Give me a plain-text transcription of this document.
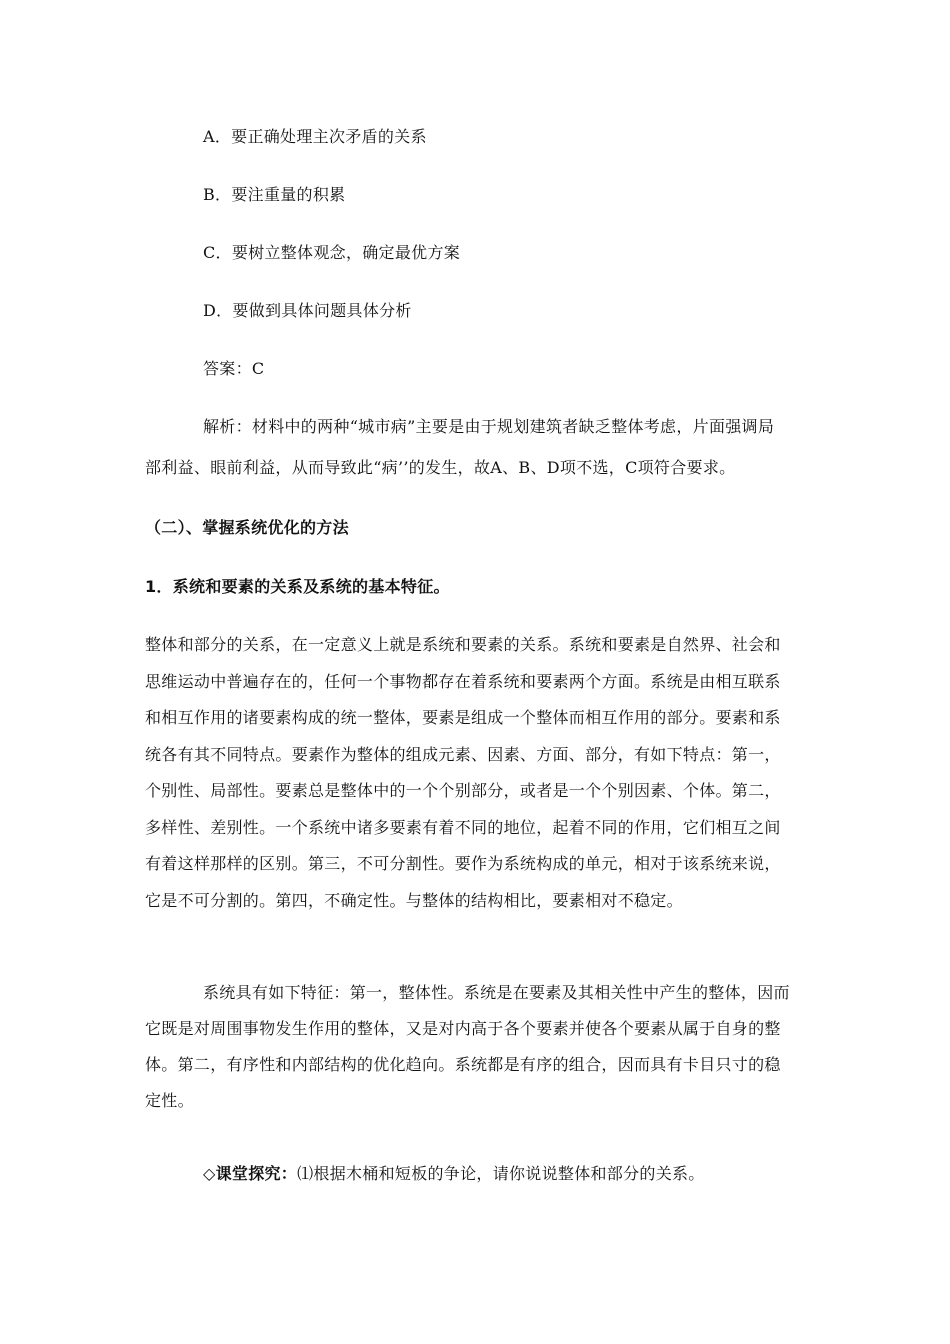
A．要正确处理主次矛盾的关系
B．要注重量的积累
C．要树立整体观念，确定最优方案
D．要做到具体问题具体分析
答案：C
解析：材料中的两种“城市病”主要是由于规划建筑者缺乏整体考虑，片面强调局
部利益、眼前利益，从而导致此“病’’的发生，故A、B、D项不选，C项符合要求。
（二）、掌握系统优化的方法
1．系统和要素的关系及系统的基本特征。
整体和部分的关系，在一定意义上就是系统和要素的关系。系统和要素是自然界、社会和
思维运动中普遍存在的，任何一个事物都存在着系统和要素两个方面。系统是由相互联系
和相互作用的诸要素构成的统一整体，要素是组成一个整体而相互作用的部分。要素和系
统各有其不同特点。要素作为整体的组成元素、因素、方面、部分，有如下特点：第一，
个别性、局部性。要素总是整体中的一个个别部分，或者是一个个别因素、个体。第二，
多样性、差别性。一个系统中诸多要素有着不同的地位，起着不同的作用，它们相互之间
有着这样那样的区别。第三，不可分割性。要作为系统构成的单元，相对于该系统来说，
它是不可分割的。第四，不确定性。与整体的结构相比，要素相对不稳定。
系统具有如下特征：第一，整体性。系统是在要素及其相关性中产生的整体，因而
它既是对周围事物发生作用的整体，又是对内高于各个要素并使各个要素从属于自身的整
体。第二，有序性和内部结构的优化趋向。系统都是有序的组合，因而具有卡目只寸的稳
定性。
◇课堂探究：⑴根据木桶和短板的争论，请你说说整体和部分的关系。
